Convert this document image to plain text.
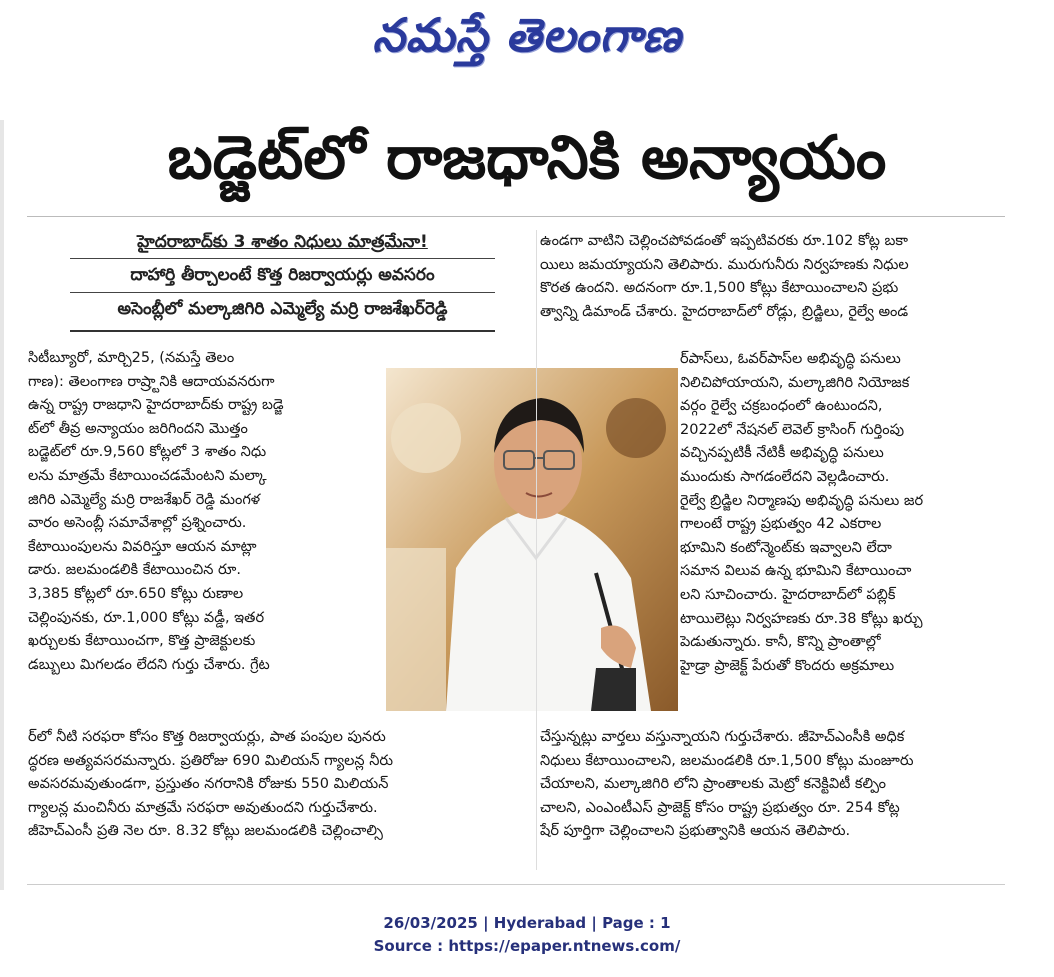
నమస్తే తెలంగాణ
బడ్జెట్‌లో రాజధానికి అన్యాయం
హైదరాబాద్‌కు 3 శాతం నిధులు మాత్రమేనా!
దాహార్తి తీర్చాలంటే కొత్త రిజర్వాయర్లు అవసరం
అసెంబ్లీలో మల్కాజిగిరి ఎమ్మెల్యే మర్రి రాజశేఖర్‌రెడ్డి
సిటీబ్యూరో, మార్చి25, (నమస్తే తెలం
గాణ): తెలంగాణ రాష్ర్టానికి ఆదాయవనరుగా
ఉన్న రాష్ట్ర రాజధాని హైదరాబాద్‌కు రాష్ట్ర బడ్జె
ట్‌లో తీవ్ర అన్యాయం జరిగిందని మొత్తం
బడ్జెట్‌లో రూ.9,560 కోట్లలో 3 శాతం నిధు
లను మాత్రమే కేటాయించడమేంటని మల్కా
జిగిరి ఎమ్మెల్యే మర్రి రాజశేఖర్ రెడ్డి మంగళ
వారం అసెంబ్లీ సమావేశాల్లో ప్రశ్నించారు.
కేటాయింపులను వివరిస్తూ ఆయన మాట్లా
డారు. జలమండలికి కేటాయించిన రూ.
3,385 కోట్లలో రూ.650 కోట్లు రుణాల
చెల్లింపునకు, రూ.1,000 కోట్లు వడ్డీ, ఇతర
ఖర్చులకు కేటాయించగా, కొత్త ప్రాజెక్టులకు
డబ్బులు మిగలడం లేదని గుర్తు చేశారు. గ్రేట
ర్‌లో నీటి సరఫరా కోసం కొత్త రిజర్వాయర్లు, పాత పంపుల పునరు
ద్ధరణ అత్యవసరమన్నారు. ప్రతిరోజు 690 మిలియన్ గ్యాలన్ల నీరు
అవసరమవుతుండగా, ప్రస్తుతం నగరానికి రోజుకు 550 మిలియన్
గ్యాలన్ల మంచినీరు మాత్రమే సరఫరా అవుతుందని గుర్తుచేశారు.
జీహెచ్‌ఎంసీ ప్రతి నెల రూ. 8.32 కోట్లు జలమండలికి చెల్లించాల్సి
ఉండగా వాటిని చెల్లించపోవడంతో ఇప్పటివరకు రూ.102 కోట్ల బకా
యిలు జమయ్యాయని తెలిపారు. మురుగునీరు నిర్వహణకు నిధుల
కొరత ఉందని. అదనంగా రూ.1,500 కోట్లు కేటాయించాలని ప్రభు
త్వాన్ని డిమాండ్ చేశారు. హైదరాబాద్‌లో రోడ్లు, బ్రిడ్జిలు, రైల్వే అండ
ర్‌పాస్‌లు, ఓవర్‌పాస్‌ల అభివృద్ధి పనులు
నిలిచిపోయాయని, మల్కాజిగిరి నియోజక
వర్గం రైల్వే చక్రబంధంలో ఉంటుందని,
2022లో నేషనల్ లెవెల్ క్రాసింగ్ గుర్తింపు
వచ్చినప్పటికీ నేటికీ అభివృద్ధి పనులు
ముందుకు సాగడంలేదని వెల్లడించారు.
రైల్వే బ్రిడ్జిల నిర్మాణపు అభివృద్ధి పనులు జర
గాలంటే రాష్ట్ర ప్రభుత్వం 42 ఎకరాల
భూమిని కంటోన్మెంట్‌కు ఇవ్వాలని లేదా
సమాన విలువ ఉన్న భూమిని కేటాయించా
లని సూచించారు. హైదరాబాద్‌లో పబ్లిక్
టాయిలెట్లు నిర్వహణకు రూ.38 కోట్లు ఖర్చు
పెడుతున్నారు. కానీ, కొన్ని ప్రాంతాల్లో
హైడ్రా ప్రాజెక్ట్ పేరుతో కొందరు అక్రమాలు
చేస్తున్నట్లు వార్తలు వస్తున్నాయని గుర్తుచేశారు. జీహెచ్‌ఎంసీకి అధిక
నిధులు కేటాయించాలని, జలమండలికి రూ.1,500 కోట్లు మంజూరు
చేయాలని, మల్కాజిగిరి లోని ప్రాంతాలకు మెట్రో కనెక్టివిటీ కల్పిం
చాలని, ఎంఎంటీఎస్ ప్రాజెక్ట్ కోసం రాష్ట్ర ప్రభుత్వం రూ. 254 కోట్ల
షేర్ పూర్తిగా చెల్లించాలని ప్రభుత్వానికి ఆయన తెలిపారు.
26/03/2025 | Hyderabad | Page : 1
Source : https://epaper.ntnews.com/
